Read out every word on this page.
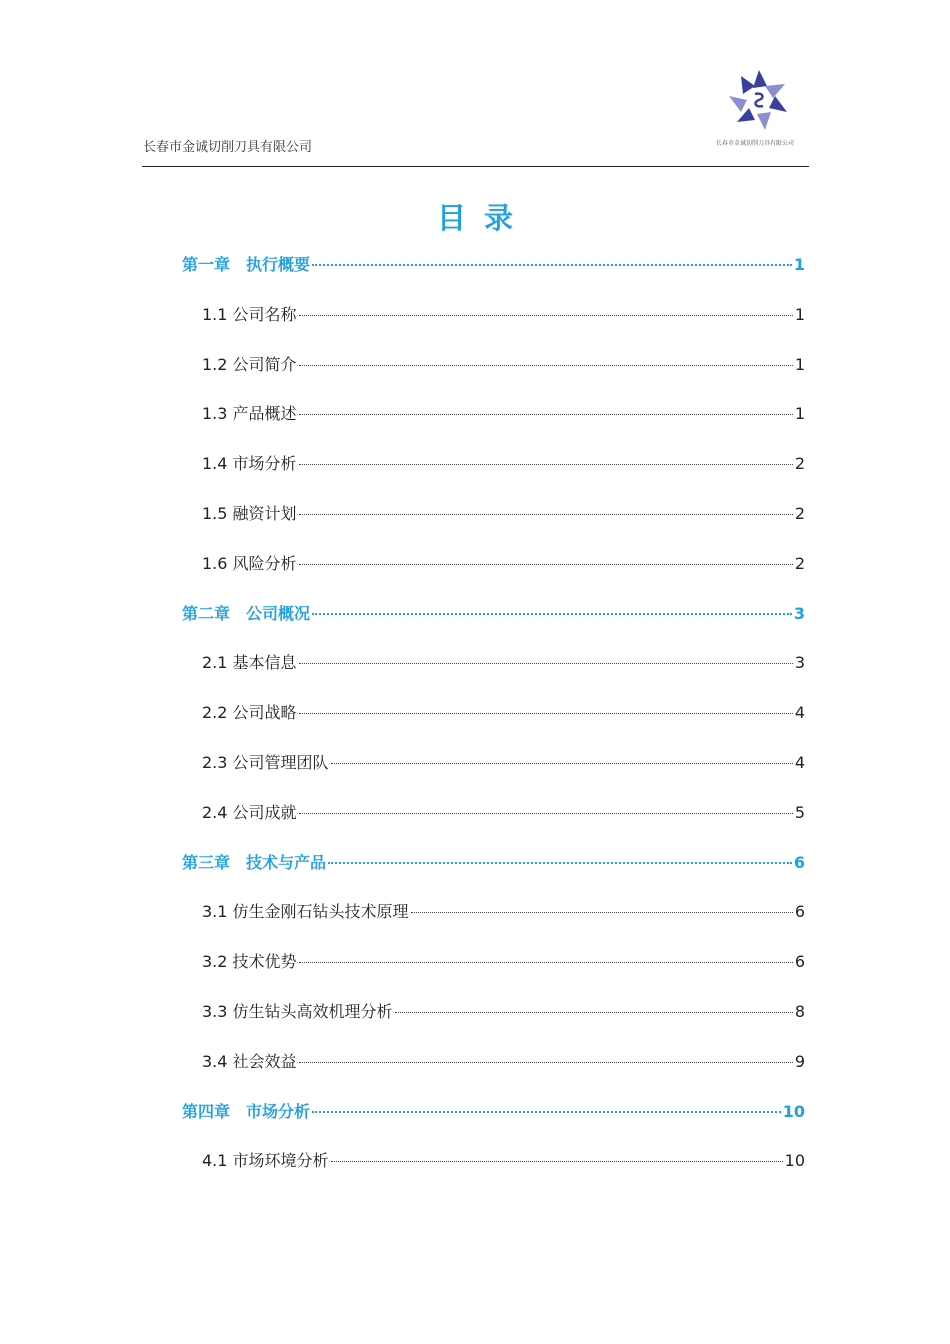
长春市金诚切削刀具有限公司	长春市金诚切削刀具有限公司
目录
第一章　执行概要	1
1.1 公司名称	1
1.2 公司简介	1
1.3 产品概述	1
1.4 市场分析	2
1.5 融资计划	2
1.6 风险分析	2
第二章　公司概况	3
2.1 基本信息	3
2.2 公司战略	4
2.3 公司管理团队	4
2.4 公司成就	5
第三章　技术与产品	6
3.1 仿生金刚石钻头技术原理	6
3.2 技术优势	6
3.3 仿生钻头高效机理分析	8
3.4 社会效益	9
第四章　市场分析	10
4.1 市场环境分析	10
